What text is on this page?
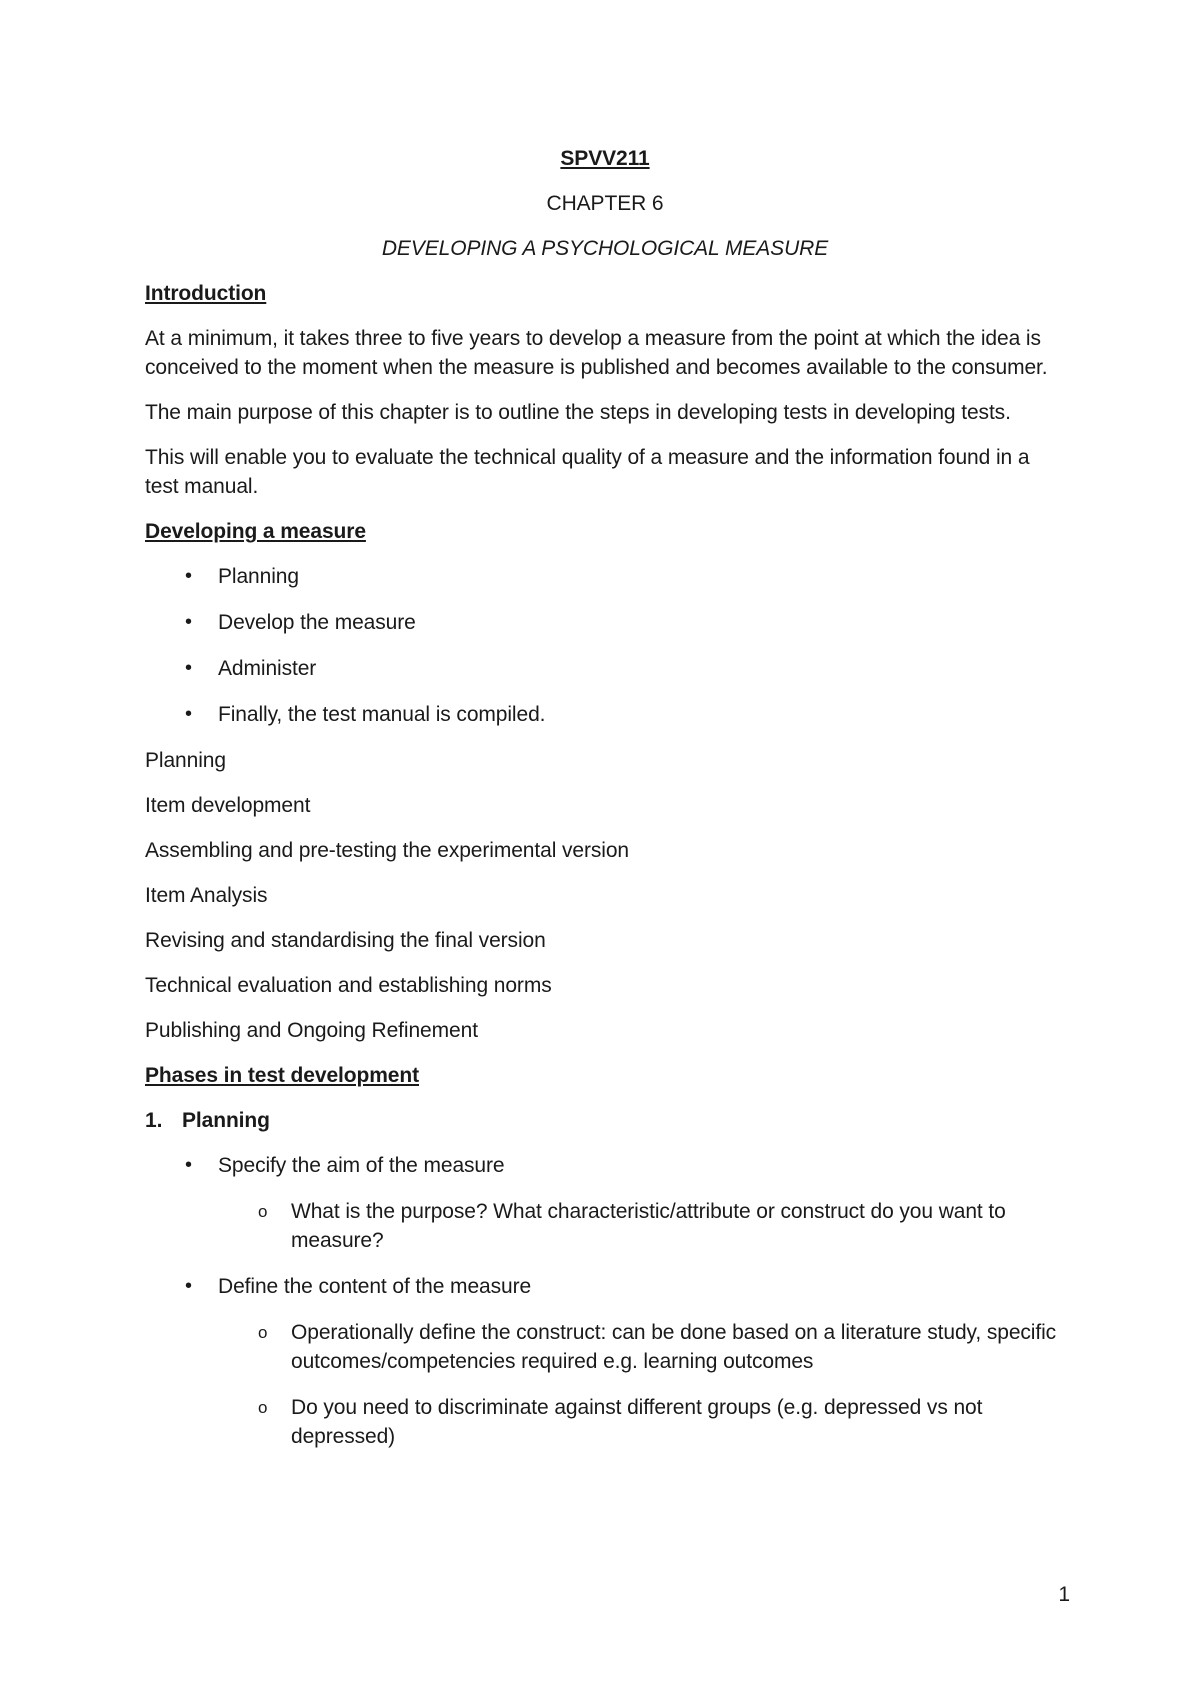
SPVV211
CHAPTER 6
DEVELOPING A PSYCHOLOGICAL MEASURE
Introduction

At a minimum, it takes three to five years to develop a measure from the point at which the idea is conceived to the moment when the measure is published and becomes available to the consumer.

The main purpose of this chapter is to outline the steps in developing tests in developing tests.

This will enable you to evaluate the technical quality of a measure and the information found in a test manual.

Developing a measure
• Planning
• Develop the measure
• Administer
• Finally, the test manual is compiled.
Planning
Item development
Assembling and pre-testing the experimental version
Item Analysis
Revising and standardising the final version
Technical evaluation and establishing norms
Publishing and Ongoing Refinement
Phases in test development
1. Planning
• Specify the aim of the measure
o What is the purpose? What characteristic/attribute or construct do you want to measure?
• Define the content of the measure
o Operationally define the construct: can be done based on a literature study, specific outcomes/competencies required e.g. learning outcomes
o Do you need to discriminate against different groups (e.g. depressed vs not depressed)
1
